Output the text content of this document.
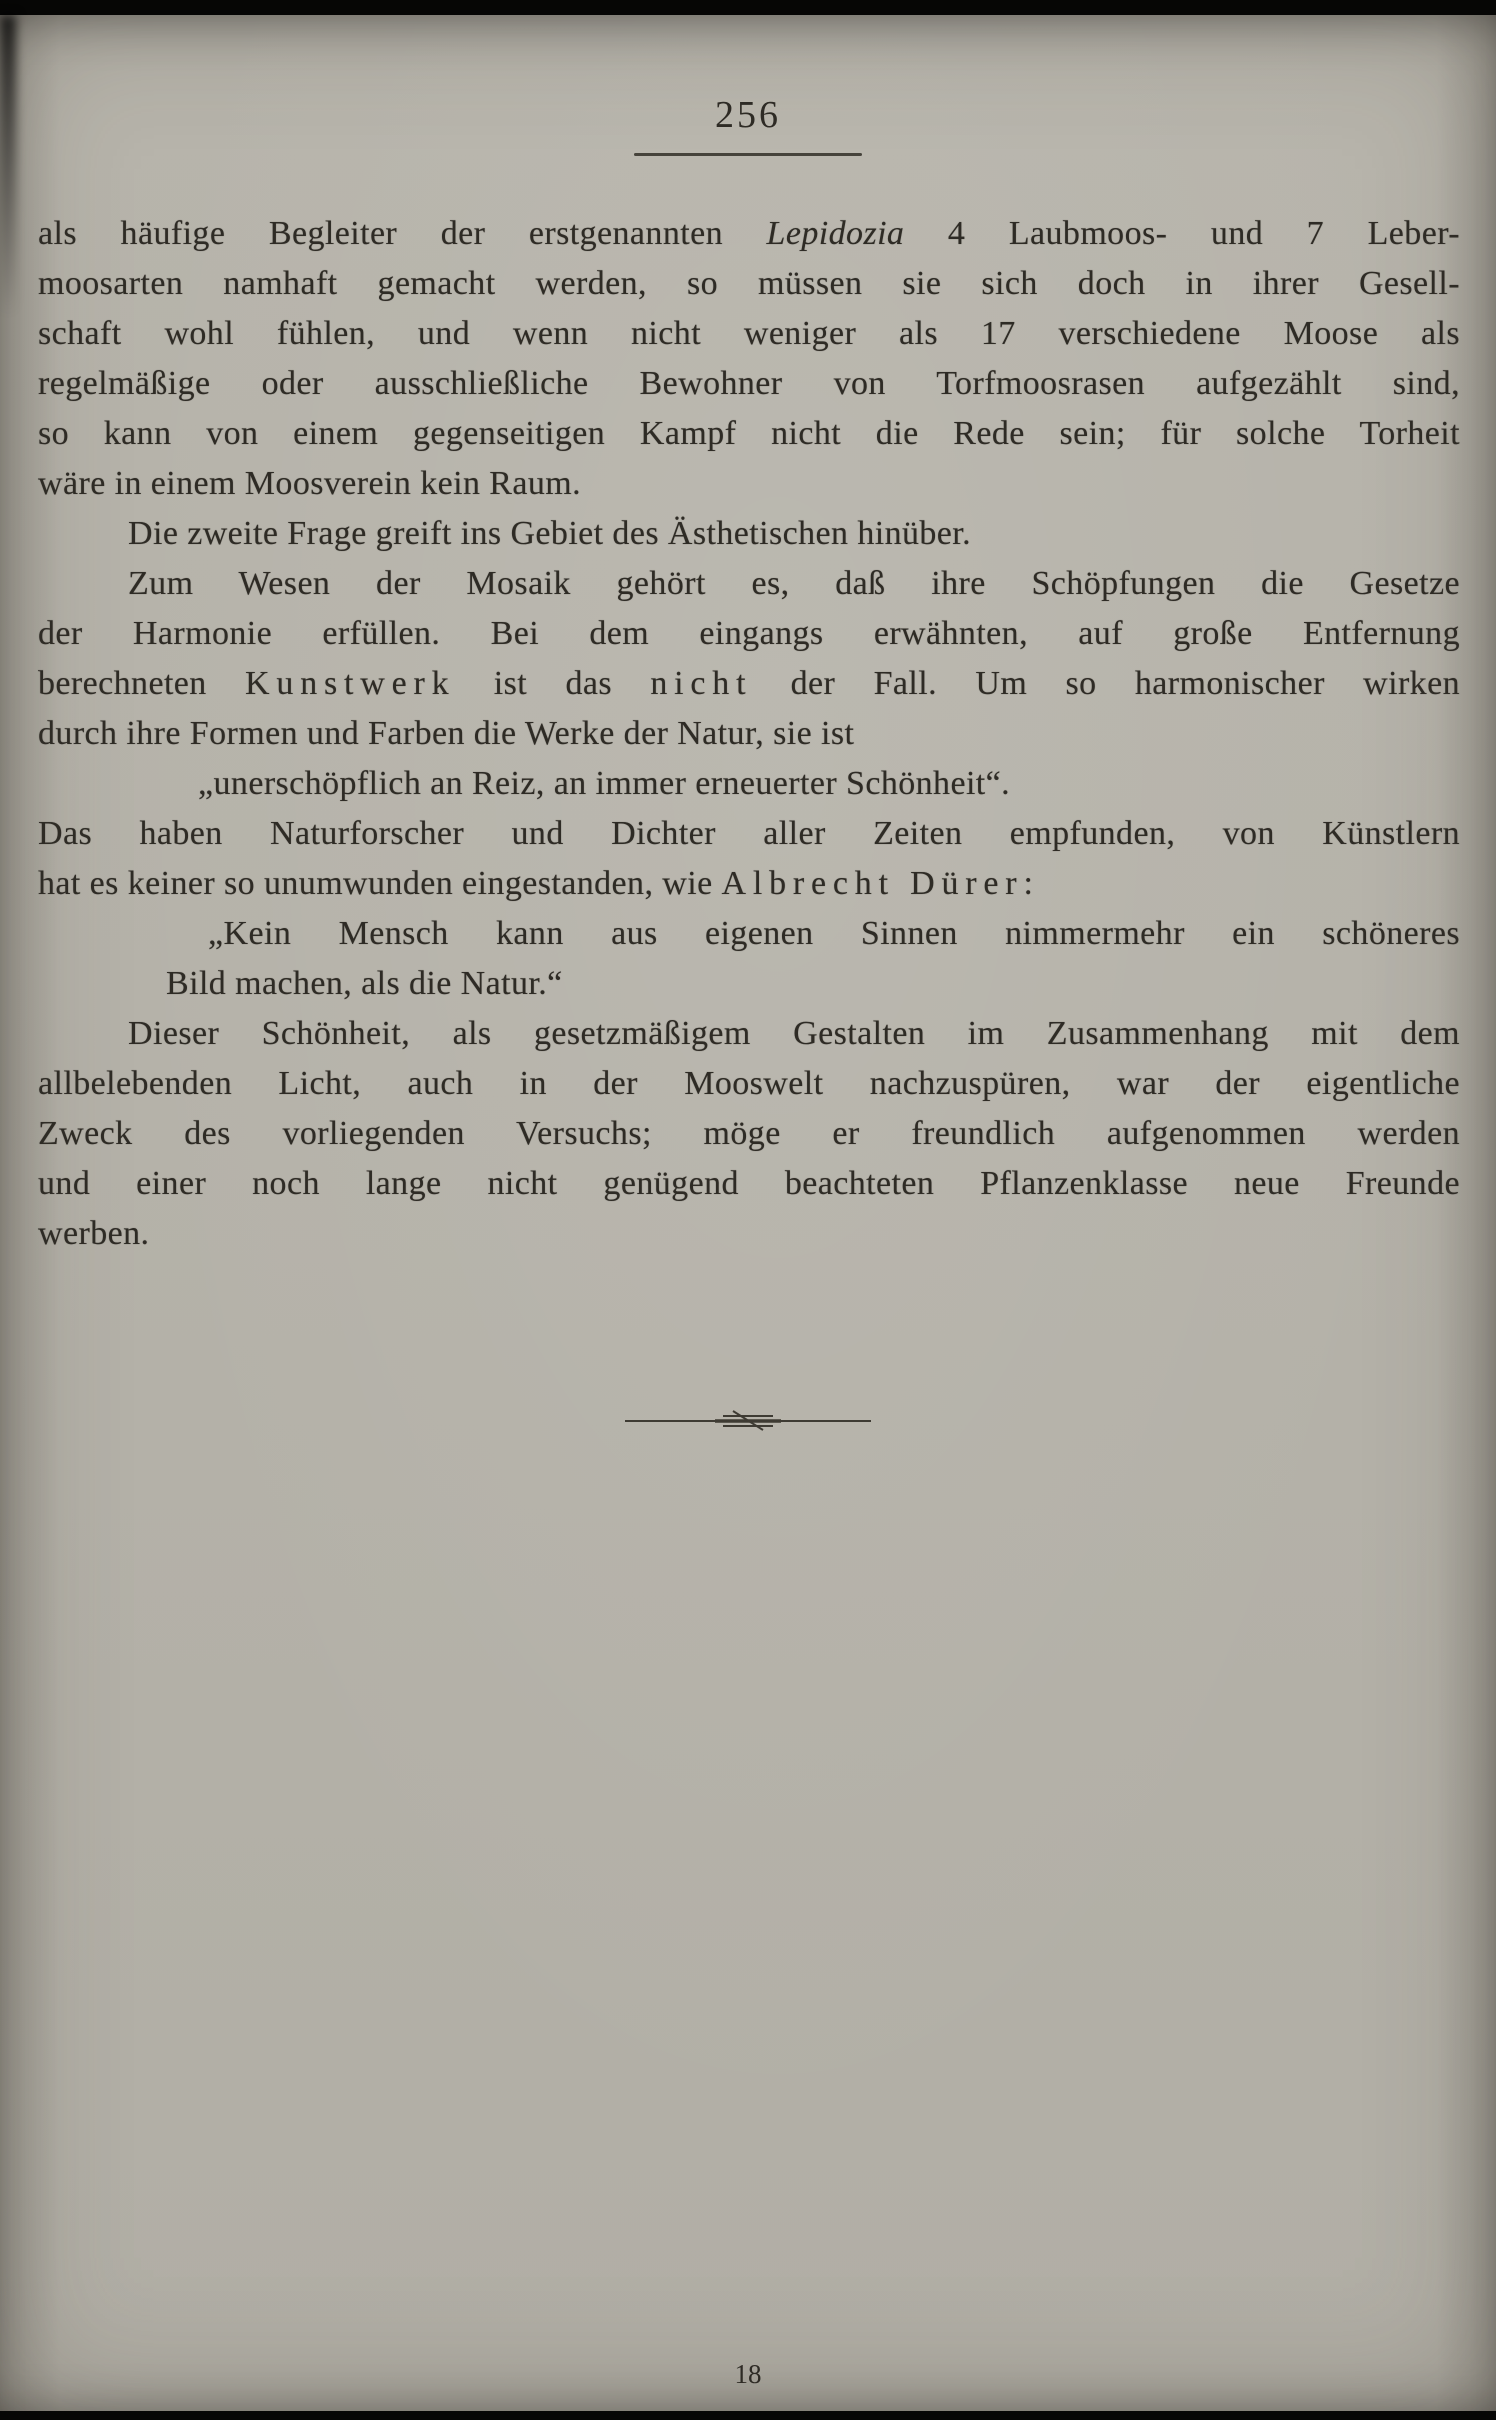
256
als häufige Begleiter der erstgenannten Lepidozia 4 Laubmoos- und 7 Leber-
moosarten namhaft gemacht werden, so müssen sie sich doch in ihrer Gesell-
schaft wohl fühlen, und wenn nicht weniger als 17 verschiedene Moose als
regelmäßige oder ausschließliche Bewohner von Torfmoosrasen aufgezählt sind,
so kann von einem gegenseitigen Kampf nicht die Rede sein; für solche Torheit
wäre in einem Moosverein kein Raum.
Die zweite Frage greift ins Gebiet des Ästhetischen hinüber.
Zum Wesen der Mosaik gehört es, daß ihre Schöpfungen die Gesetze
der Harmonie erfüllen. Bei dem eingangs erwähnten, auf große Entfernung
berechneten Kunstwerk ist das nicht der Fall. Um so harmonischer wirken
durch ihre Formen und Farben die Werke der Natur, sie ist
„unerschöpflich an Reiz, an immer erneuerter Schönheit“.
Das haben Naturforscher und Dichter aller Zeiten empfunden, von Künstlern
hat es keiner so unumwunden eingestanden, wie Albrecht Dürer:
„Kein Mensch kann aus eigenen Sinnen nimmermehr ein schöneres
Bild machen, als die Natur.“
Dieser Schönheit, als gesetzmäßigem Gestalten im Zusammenhang mit dem
allbelebenden Licht, auch in der Mooswelt nachzuspüren, war der eigentliche
Zweck des vorliegenden Versuchs; möge er freundlich aufgenommen werden
und einer noch lange nicht genügend beachteten Pflanzenklasse neue Freunde
werben.
18
